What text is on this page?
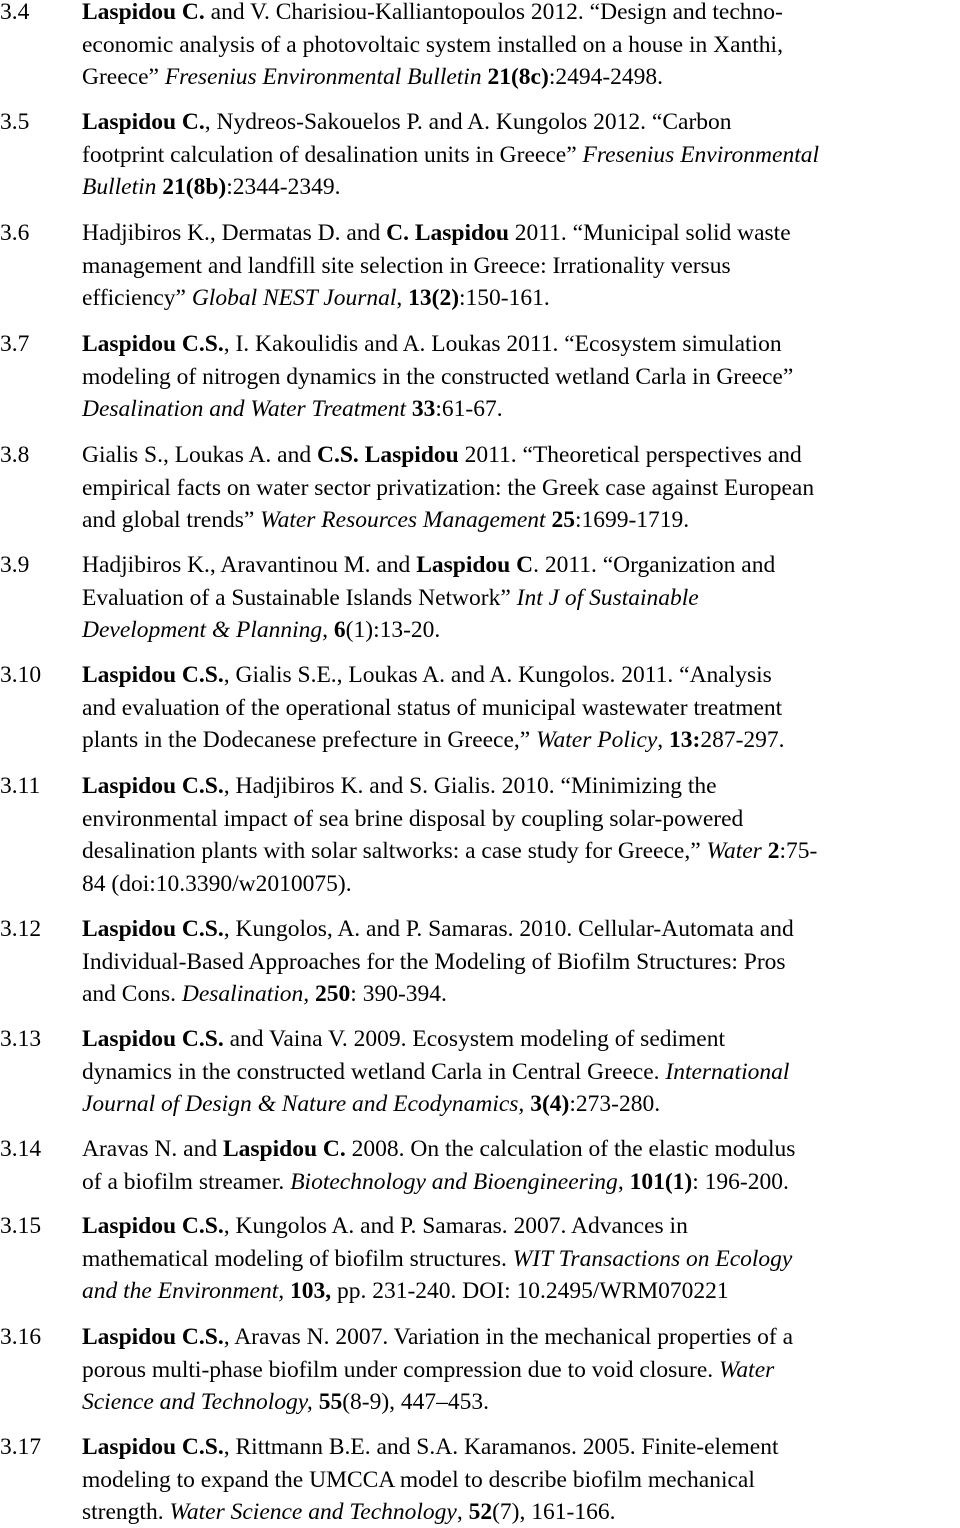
3.4 Laspidou C. and V. Charisiou-Kalliantopoulos 2012. “Design and techno-
economic analysis of a photovoltaic system installed on a house in Xanthi,
Greece” Fresenius Environmental Bulletin 21(8c):2494-2498.
3.5 Laspidou C., Nydreos-Sakouelos P. and A. Kungolos 2012. “Carbon
footprint calculation of desalination units in Greece” Fresenius Environmental
Bulletin 21(8b):2344-2349.
3.6 Hadjibiros K., Dermatas D. and C. Laspidou 2011. “Municipal solid waste
management and landfill site selection in Greece: Irrationality versus
efficiency” Global NEST Journal, 13(2):150-161.
3.7 Laspidou C.S., I. Kakoulidis and A. Loukas 2011. “Ecosystem simulation
modeling of nitrogen dynamics in the constructed wetland Carla in Greece”
Desalination and Water Treatment 33:61-67.
3.8 Gialis S., Loukas A. and C.S. Laspidou 2011. “Theoretical perspectives and
empirical facts on water sector privatization: the Greek case against European
and global trends” Water Resources Management 25:1699-1719.
3.9 Hadjibiros K., Aravantinou M. and Laspidou C. 2011. “Organization and
Evaluation of a Sustainable Islands Network” Int J of Sustainable
Development & Planning, 6(1):13-20.
3.10 Laspidou C.S., Gialis S.E., Loukas A. and A. Kungolos. 2011. “Analysis
and evaluation of the operational status of municipal wastewater treatment
plants in the Dodecanese prefecture in Greece,” Water Policy, 13:287-297.
3.11 Laspidou C.S., Hadjibiros K. and S. Gialis. 2010. “Minimizing the
environmental impact of sea brine disposal by coupling solar-powered
desalination plants with solar saltworks: a case study for Greece,” Water 2:75-
84 (doi:10.3390/w2010075).
3.12 Laspidou C.S., Kungolos, A. and P. Samaras. 2010. Cellular-Automata and
Individual-Based Approaches for the Modeling of Biofilm Structures: Pros
and Cons. Desalination, 250: 390-394.
3.13 Laspidou C.S. and Vaina V. 2009. Ecosystem modeling of sediment
dynamics in the constructed wetland Carla in Central Greece. International
Journal of Design & Nature and Ecodynamics, 3(4):273-280.
3.14 Aravas N. and Laspidou C. 2008. On the calculation of the elastic modulus
of a biofilm streamer. Biotechnology and Bioengineering, 101(1): 196-200.
3.15 Laspidou C.S., Kungolos A. and P. Samaras. 2007. Advances in
mathematical modeling of biofilm structures. WIT Transactions on Ecology
and the Environment, 103, pp. 231-240. DOI: 10.2495/WRM070221
3.16 Laspidou C.S., Aravas N. 2007. Variation in the mechanical properties of a
porous multi-phase biofilm under compression due to void closure. Water
Science and Technology, 55(8-9), 447–453.
3.17 Laspidou C.S., Rittmann B.E. and S.A. Karamanos. 2005. Finite-element
modeling to expand the UMCCA model to describe biofilm mechanical
strength. Water Science and Technology, 52(7), 161-166.
